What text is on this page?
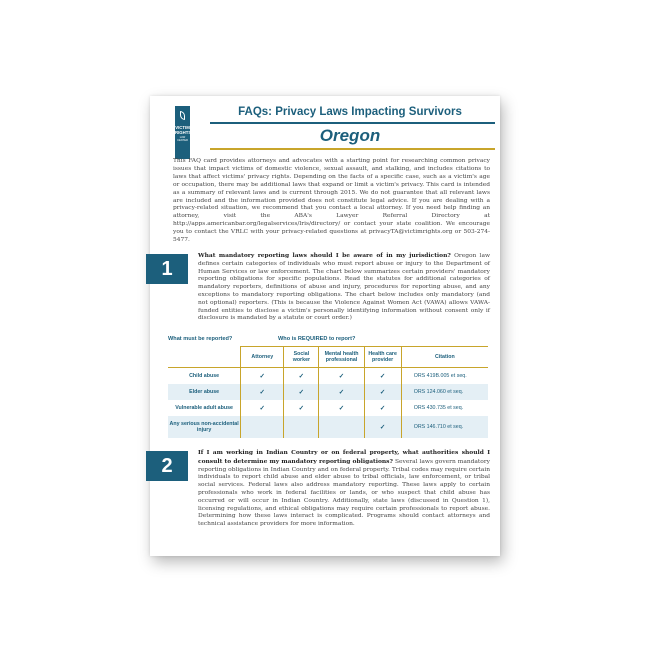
VICTIM
RIGHTS
LAW CENTER
FAQs: Privacy Laws Impacting Survivors
Oregon

This FAQ card provides attorneys and advocates with a starting point for researching common privacy issues that impact victims of domestic violence, sexual assault, and stalking, and includes citations to laws that affect victims' privacy rights. Depending on the facts of a specific case, such as a victim's age or occupation, there may be additional laws that expand or limit a victim's privacy. This card is intended as a summary of relevant laws and is current through 2015. We do not guarantee that all relevant laws are included and the information provided does not constitute legal advice. If you are dealing with a privacy-related situation, we recommend that you contact a local attorney. If you need help finding an attorney, visit the ABA's Lawyer Referral Directory at http://apps.americanbar.org/legalservices/lris/directory/ or contact your state coalition. We encourage you to contact the VRLC with your privacy-related questions at privacyTA@victimrights.org or 503-274-5477.

1

What mandatory reporting laws should I be aware of in my jurisdiction? Oregon law defines certain categories of individuals who must report abuse or injury to the Department of Human Services or law enforcement. The chart below summarizes certain providers' mandatory reporting obligations for specific populations. Read the statutes for additional categories of mandatory reporters, definitions of abuse and injury, procedures for reporting abuse, and any exceptions to mandatory reporting obligations. The chart below includes only mandatory (and not optional) reporters. (This is because the Violence Against Women Act (VAWA) allows VAWA-funded entities to disclose a victim's personally identifying information without consent only if disclosure is mandated by a statute or court order.)

What must be reported?	Who is REQUIRED to report?
	Attorney	Social worker	Mental health professional	Health care provider	Citation
Child abuse	✓	✓	✓	✓	ORS 419B.005 et seq.
Elder abuse	✓	✓	✓	✓	ORS 124.060 et seq.
Vulnerable adult abuse	✓	✓	✓	✓	ORS 430.735 et seq.
Any serious non-accidental injury				✓	ORS 146.710 et seq.
2

If I am working in Indian Country or on federal property, what authorities should I consult to determine my mandatory reporting obligations? Several laws govern mandatory reporting obligations in Indian Country and on federal property. Tribal codes may require certain individuals to report child abuse and elder abuse to tribal officials, law enforcement, or tribal social services. Federal laws also address mandatory reporting. These laws apply to certain professionals who work in federal facilities or lands, or who suspect that child abuse has occurred or will occur in Indian Country. Additionally, state laws (discussed in Question 1), licensing regulations, and ethical obligations may require certain professionals to report abuse. Determining how these laws interact is complicated. Programs should contact attorneys and technical assistance providers for more information.
